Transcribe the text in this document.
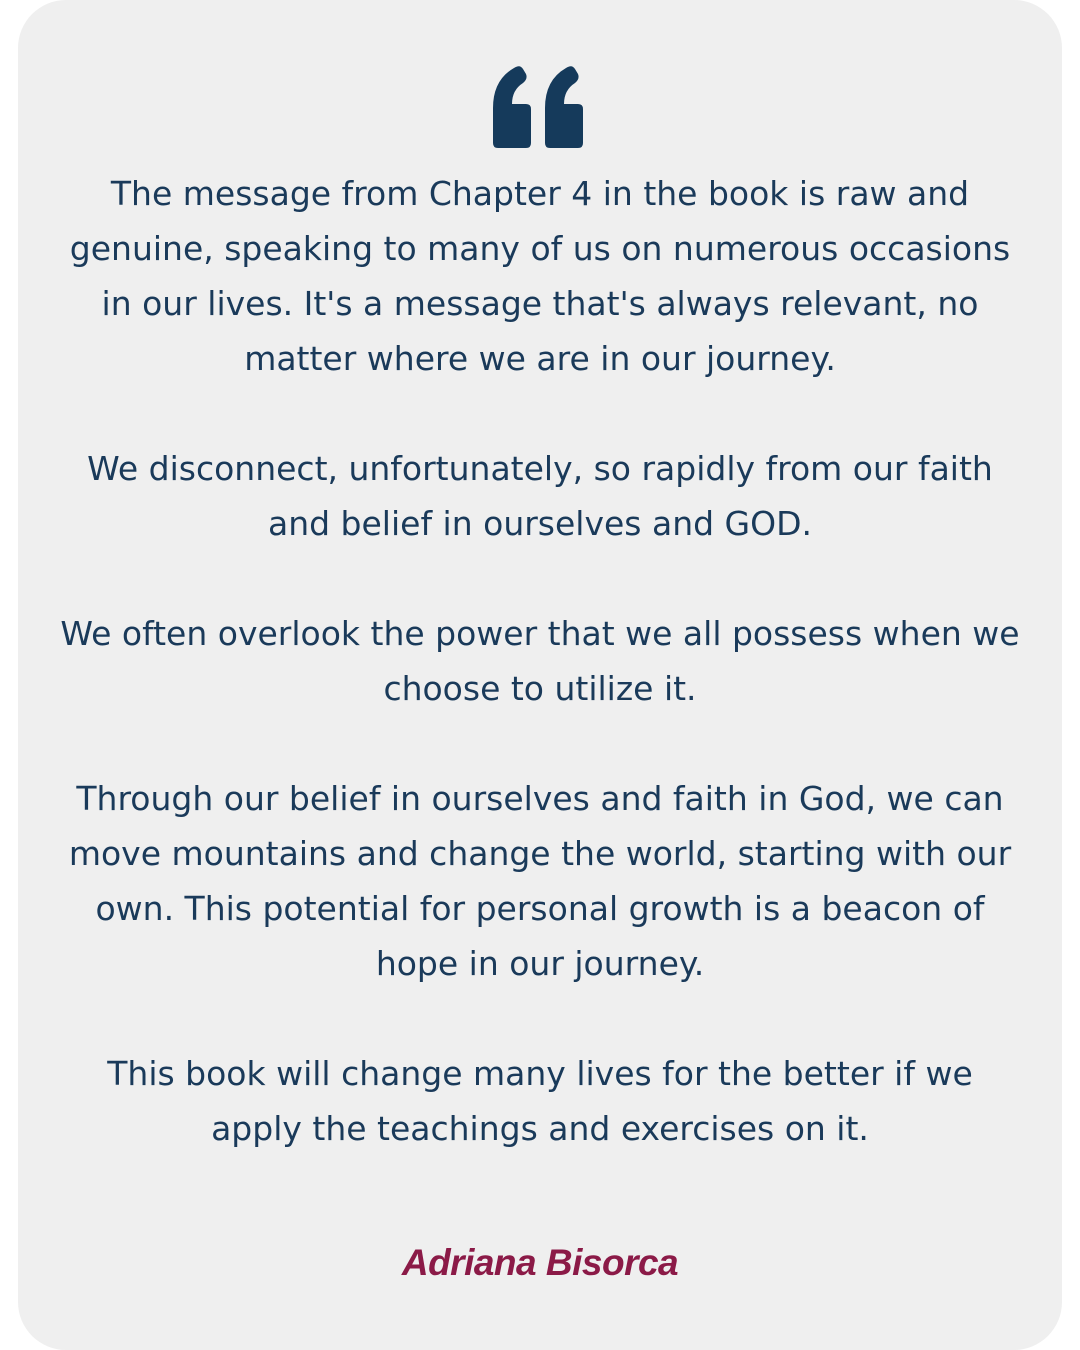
The message from Chapter 4 in the book is raw and genuine, speaking to many of us on numerous occasions in our lives. It's a message that's always relevant, no matter where we are in our journey.

We disconnect, unfortunately, so rapidly from our faith and belief in ourselves and GOD.

We often overlook the power that we all possess when we choose to utilize it.

Through our belief in ourselves and faith in God, we can move mountains and change the world, starting with our own. This potential for personal growth is a beacon of hope in our journey.

This book will change many lives for the better if we apply the teachings and exercises on it.

Adriana Bisorca
